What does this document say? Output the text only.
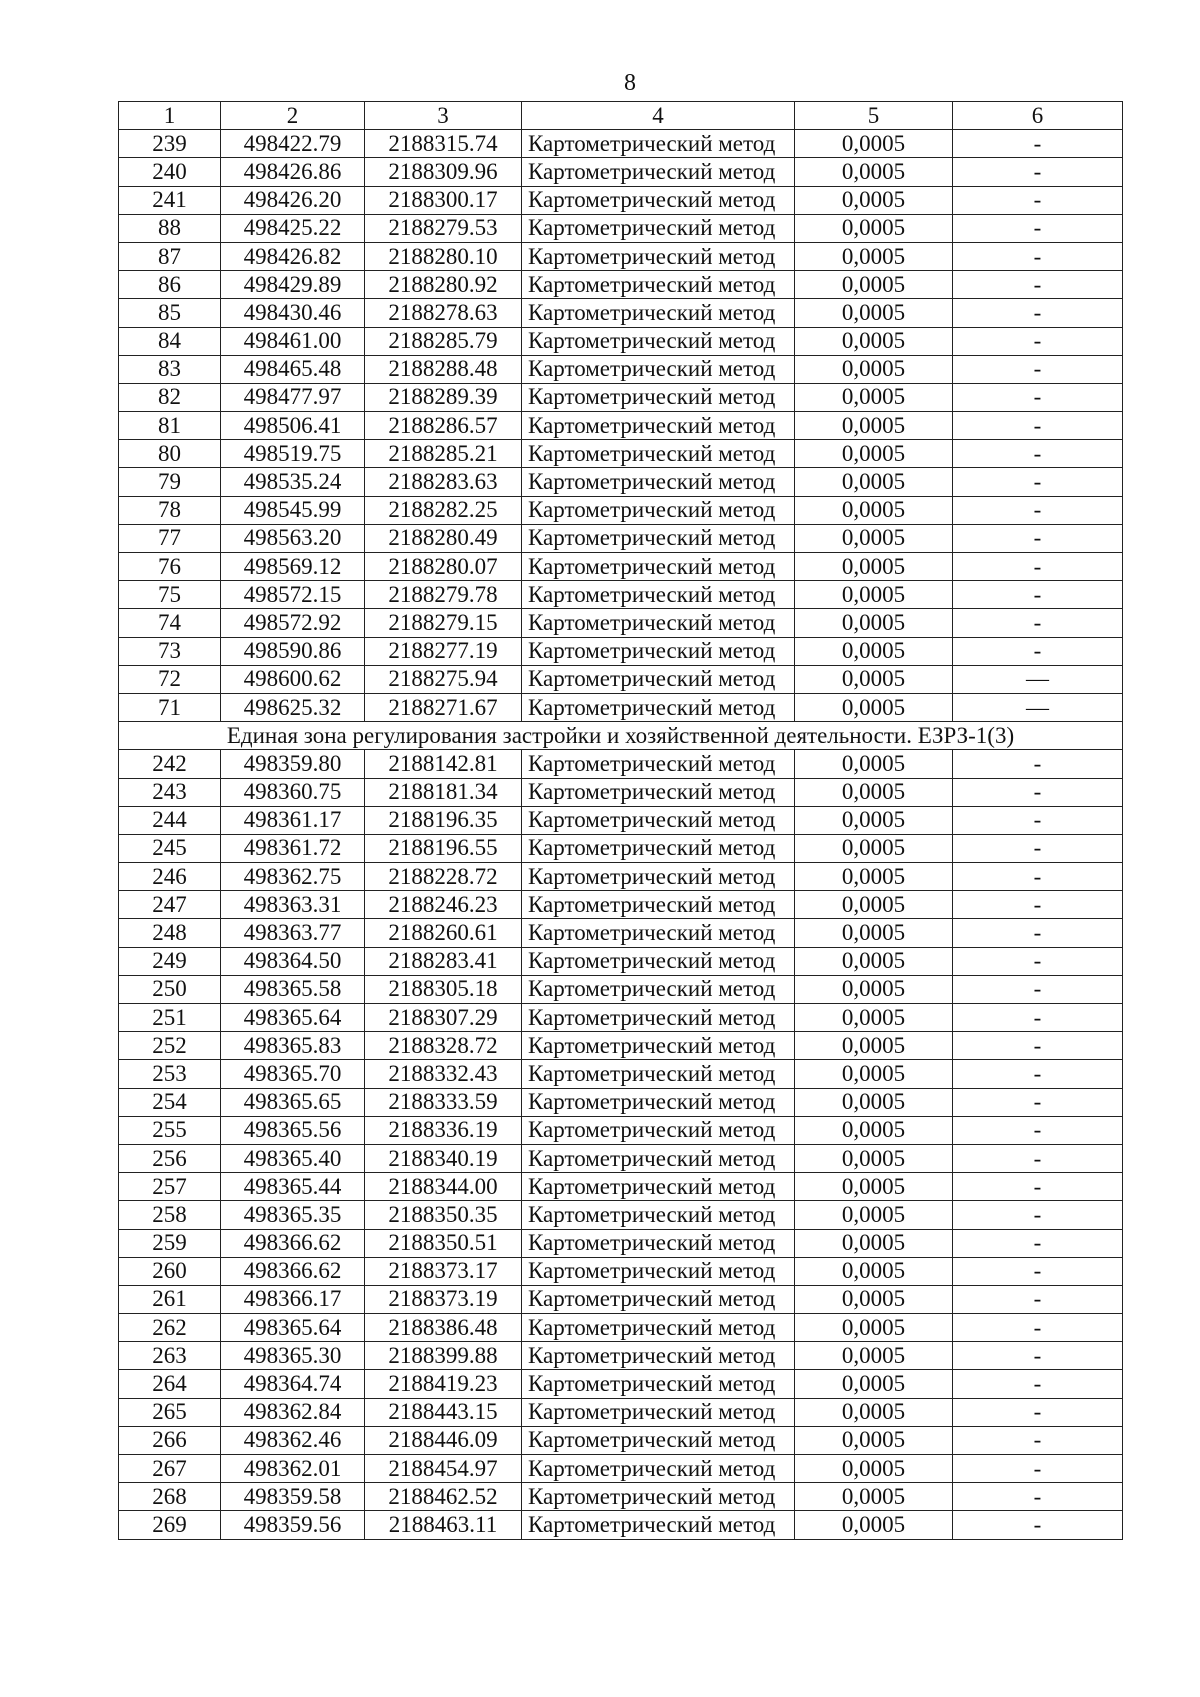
8
1	2	3	4	5	6
239	498422.79	2188315.74	Картометрический метод	0,0005	-
240	498426.86	2188309.96	Картометрический метод	0,0005	-
241	498426.20	2188300.17	Картометрический метод	0,0005	-
88	498425.22	2188279.53	Картометрический метод	0,0005	-
87	498426.82	2188280.10	Картометрический метод	0,0005	-
86	498429.89	2188280.92	Картометрический метод	0,0005	-
85	498430.46	2188278.63	Картометрический метод	0,0005	-
84	498461.00	2188285.79	Картометрический метод	0,0005	-
83	498465.48	2188288.48	Картометрический метод	0,0005	-
82	498477.97	2188289.39	Картометрический метод	0,0005	-
81	498506.41	2188286.57	Картометрический метод	0,0005	-
80	498519.75	2188285.21	Картометрический метод	0,0005	-
79	498535.24	2188283.63	Картометрический метод	0,0005	-
78	498545.99	2188282.25	Картометрический метод	0,0005	-
77	498563.20	2188280.49	Картометрический метод	0,0005	-
76	498569.12	2188280.07	Картометрический метод	0,0005	-
75	498572.15	2188279.78	Картометрический метод	0,0005	-
74	498572.92	2188279.15	Картометрический метод	0,0005	-
73	498590.86	2188277.19	Картометрический метод	0,0005	-
72	498600.62	2188275.94	Картометрический метод	0,0005	—
71	498625.32	2188271.67	Картометрический метод	0,0005	—
Единая зона регулирования застройки и хозяйственной деятельности. ЕЗРЗ-1(3)					
242	498359.80	2188142.81	Картометрический метод	0,0005	-
243	498360.75	2188181.34	Картометрический метод	0,0005	-
244	498361.17	2188196.35	Картометрический метод	0,0005	-
245	498361.72	2188196.55	Картометрический метод	0,0005	-
246	498362.75	2188228.72	Картометрический метод	0,0005	-
247	498363.31	2188246.23	Картометрический метод	0,0005	-
248	498363.77	2188260.61	Картометрический метод	0,0005	-
249	498364.50	2188283.41	Картометрический метод	0,0005	-
250	498365.58	2188305.18	Картометрический метод	0,0005	-
251	498365.64	2188307.29	Картометрический метод	0,0005	-
252	498365.83	2188328.72	Картометрический метод	0,0005	-
253	498365.70	2188332.43	Картометрический метод	0,0005	-
254	498365.65	2188333.59	Картометрический метод	0,0005	-
255	498365.56	2188336.19	Картометрический метод	0,0005	-
256	498365.40	2188340.19	Картометрический метод	0,0005	-
257	498365.44	2188344.00	Картометрический метод	0,0005	-
258	498365.35	2188350.35	Картометрический метод	0,0005	-
259	498366.62	2188350.51	Картометрический метод	0,0005	-
260	498366.62	2188373.17	Картометрический метод	0,0005	-
261	498366.17	2188373.19	Картометрический метод	0,0005	-
262	498365.64	2188386.48	Картометрический метод	0,0005	-
263	498365.30	2188399.88	Картометрический метод	0,0005	-
264	498364.74	2188419.23	Картометрический метод	0,0005	-
265	498362.84	2188443.15	Картометрический метод	0,0005	-
266	498362.46	2188446.09	Картометрический метод	0,0005	-
267	498362.01	2188454.97	Картометрический метод	0,0005	-
268	498359.58	2188462.52	Картометрический метод	0,0005	-
269	498359.56	2188463.11	Картометрический метод	0,0005	-
